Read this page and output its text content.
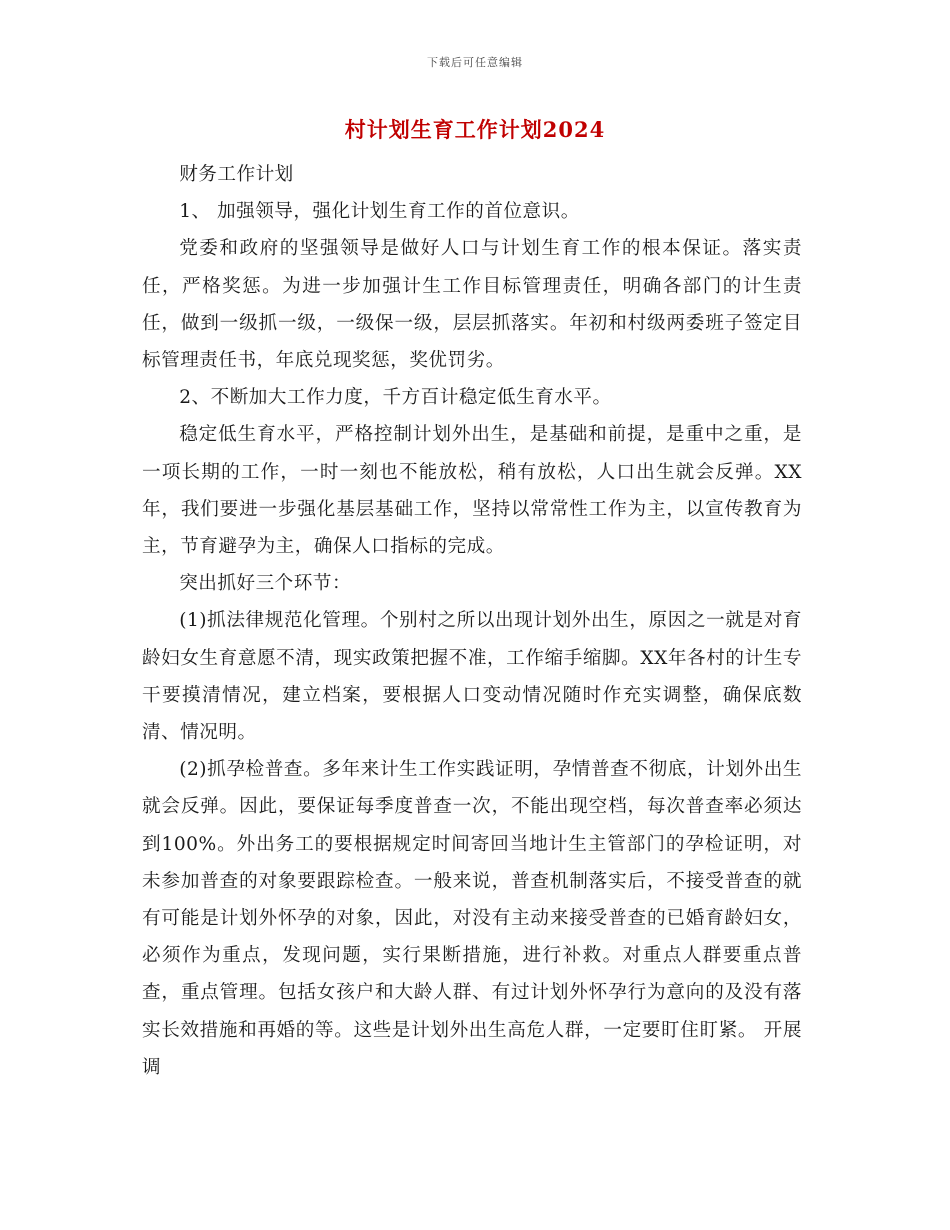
下载后可任意编辑
村计划生育工作计划2024

财务工作计划

1、 加强领导，强化计划生育工作的首位意识。

党委和政府的坚强领导是做好人口与计划生育工作的根本保证。落实责任，严格奖惩。为进一步加强计生工作目标管理责任，明确各部门的计生责任，做到一级抓一级，一级保一级，层层抓落实。年初和村级两委班子签定目标管理责任书，年底兑现奖惩，奖优罚劣。

2、不断加大工作力度，千方百计稳定低生育水平。

稳定低生育水平，严格控制计划外出生，是基础和前提，是重中之重，是一项长期的工作，一时一刻也不能放松，稍有放松，人口出生就会反弹。XX年，我们要进一步强化基层基础工作，坚持以常常性工作为主，以宣传教育为主，节育避孕为主，确保人口指标的完成。

突出抓好三个环节：

(1)抓法律规范化管理。个别村之所以出现计划外出生，原因之一就是对育龄妇女生育意愿不清，现实政策把握不准，工作缩手缩脚。XX年各村的计生专干要摸清情况，建立档案，要根据人口变动情况随时作充实调整，确保底数清、情况明。

(2)抓孕检普查。多年来计生工作实践证明，孕情普查不彻底，计划外出生就会反弹。因此，要保证每季度普查一次，不能出现空档，每次普查率必须达到100%。外出务工的要根据规定时间寄回当地计生主管部门的孕检证明，对未参加普查的对象要跟踪检查。一般来说，普查机制落实后，不接受普查的就有可能是计划外怀孕的对象，因此，对没有主动来接受普查的已婚育龄妇女，必须作为重点，发现问题，实行果断措施，进行补救。对重点人群要重点普查，重点管理。包括女孩户和大龄人群、有过计划外怀孕行为意向的及没有落实长效措施和再婚的等。这些是计划外出生高危人群，一定要盯住盯紧。 开展调
